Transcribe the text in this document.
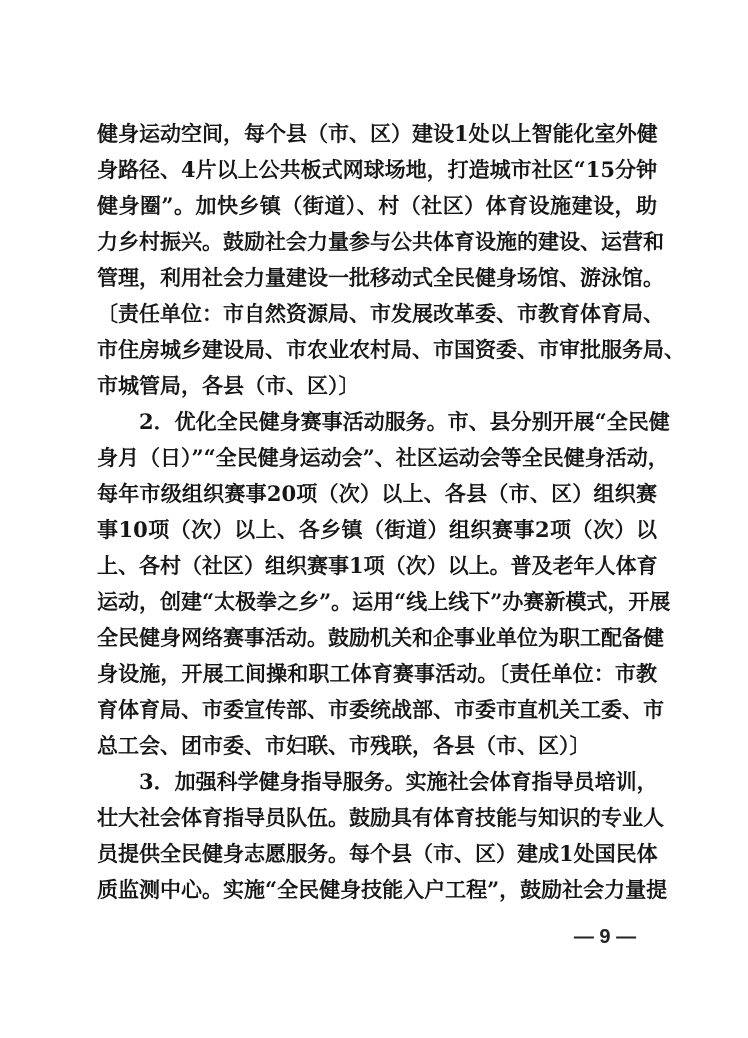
健身运动空间，每个县（市、区）建设1处以上智能化室外健
身路径、4片以上公共板式网球场地，打造城市社区“15分钟
健身圈”。加快乡镇（街道）、村（社区）体育设施建设，助
力乡村振兴。鼓励社会力量参与公共体育设施的建设、运营和
管理，利用社会力量建设一批移动式全民健身场馆、游泳馆。
〔责任单位：市自然资源局、市发展改革委、市教育体育局、
市住房城乡建设局、市农业农村局、市国资委、市审批服务局、
市城管局，各县（市、区）〕
2．优化全民健身赛事活动服务。市、县分别开展“全民健
身月（日）”“全民健身运动会”、社区运动会等全民健身活动，
每年市级组织赛事20项（次）以上、各县（市、区）组织赛
事10项（次）以上、各乡镇（街道）组织赛事2项（次）以
上、各村（社区）组织赛事1项（次）以上。普及老年人体育
运动，创建“太极拳之乡”。运用“线上线下”办赛新模式，开展
全民健身网络赛事活动。鼓励机关和企事业单位为职工配备健
身设施，开展工间操和职工体育赛事活动。〔责任单位：市教
育体育局、市委宣传部、市委统战部、市委市直机关工委、市
总工会、团市委、市妇联、市残联，各县（市、区）〕
3．加强科学健身指导服务。实施社会体育指导员培训，
壮大社会体育指导员队伍。鼓励具有体育技能与知识的专业人
员提供全民健身志愿服务。每个县（市、区）建成1处国民体
质监测中心。实施“全民健身技能入户工程”，鼓励社会力量提
— 9 —
